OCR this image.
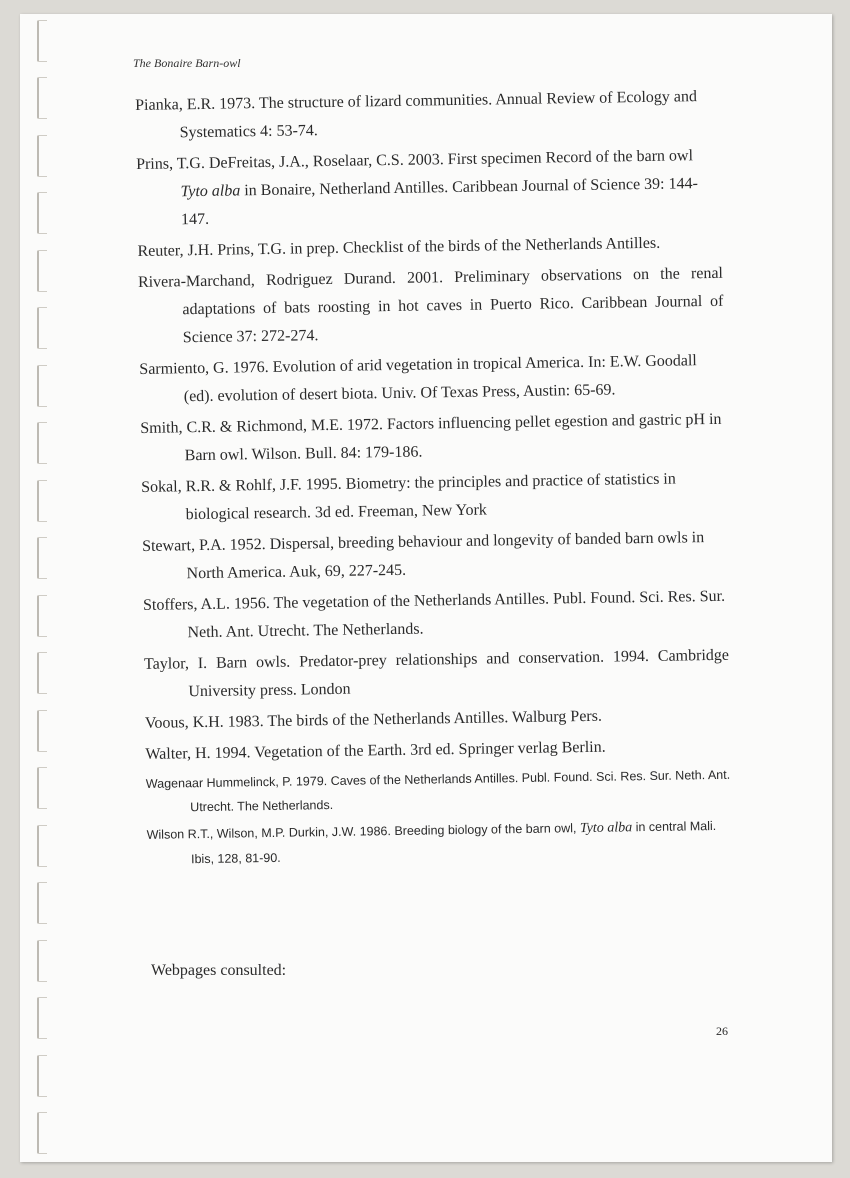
The Bonaire Barn-owl

Pianka, E.R. 1973. The structure of lizard communities. Annual Review of Ecology and Systematics 4: 53-74.

Prins, T.G. DeFreitas, J.A., Roselaar, C.S. 2003. First specimen Record of the barn owl Tyto alba in Bonaire, Netherland Antilles. Caribbean Journal of Science 39: 144-147.

Reuter, J.H. Prins, T.G. in prep. Checklist of the birds of the Netherlands Antilles.

Rivera-Marchand, Rodriguez Durand. 2001. Preliminary observations on the renal adaptations of bats roosting in hot caves in Puerto Rico. Caribbean Journal of Science 37: 272-274.

Sarmiento, G. 1976. Evolution of arid vegetation in tropical America. In: E.W. Goodall (ed). evolution of desert biota. Univ. Of Texas Press, Austin: 65-69.

Smith, C.R. & Richmond, M.E. 1972. Factors influencing pellet egestion and gastric pH in Barn owl. Wilson. Bull. 84: 179-186.

Sokal, R.R. & Rohlf, J.F. 1995. Biometry: the principles and practice of statistics in biological research. 3d ed. Freeman, New York

Stewart, P.A. 1952. Dispersal, breeding behaviour and longevity of banded barn owls in North America. Auk, 69, 227-245.

Stoffers, A.L. 1956. The vegetation of the Netherlands Antilles. Publ. Found. Sci. Res. Sur. Neth. Ant. Utrecht. The Netherlands.

Taylor, I. Barn owls. Predator-prey relationships and conservation. 1994. Cambridge University press. London

Voous, K.H. 1983. The birds of the Netherlands Antilles. Walburg Pers.

Walter, H. 1994. Vegetation of the Earth. 3rd ed. Springer verlag Berlin.

Wagenaar Hummelinck, P. 1979. Caves of the Netherlands Antilles. Publ. Found. Sci. Res. Sur. Neth. Ant. Utrecht. The Netherlands.

Wilson R.T., Wilson, M.P. Durkin, J.W. 1986. Breeding biology of the barn owl, Tyto alba in central Mali. Ibis, 128, 81-90.

Webpages consulted:
26
